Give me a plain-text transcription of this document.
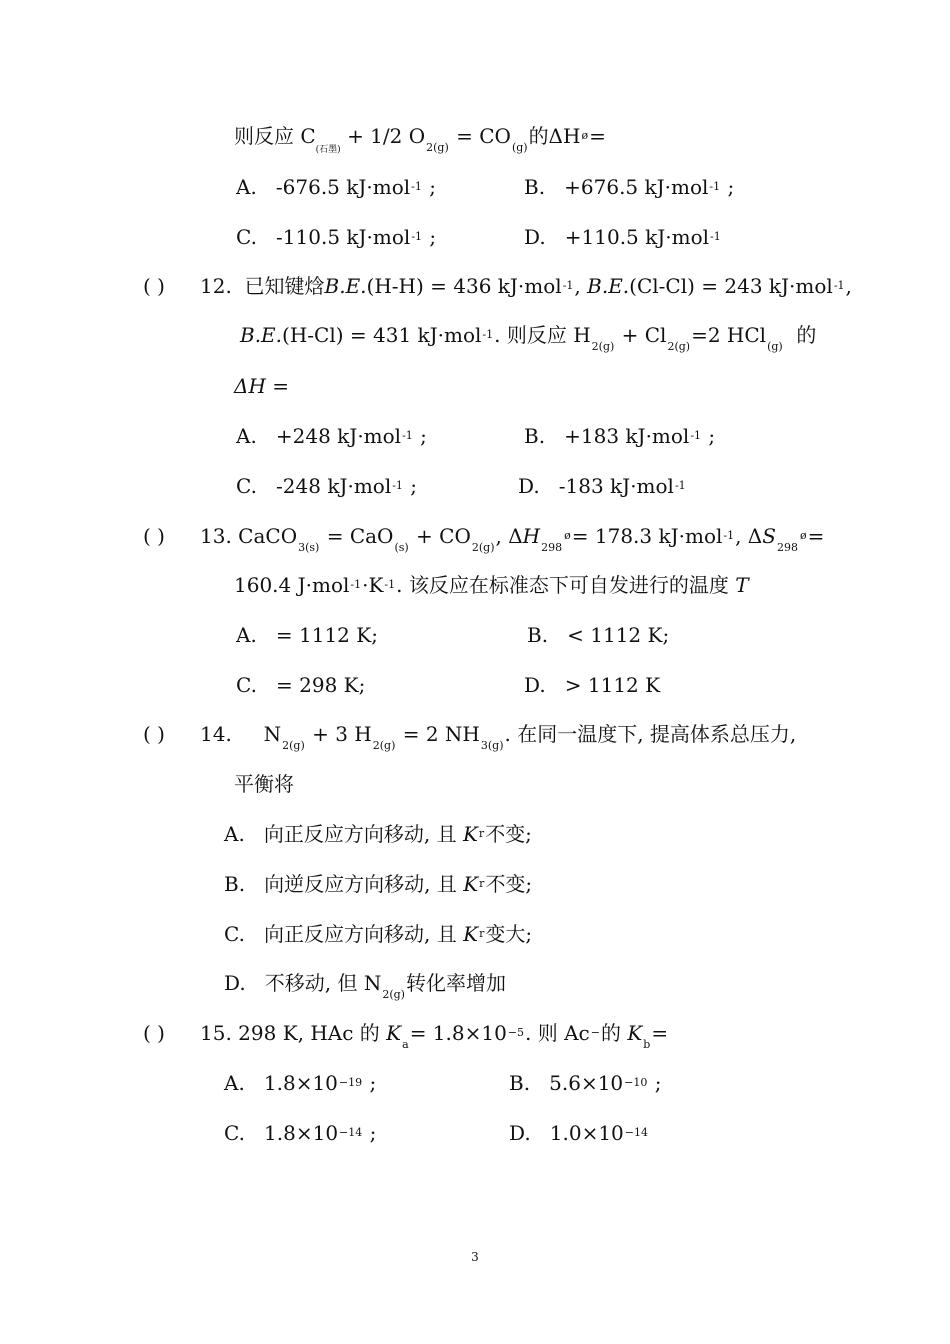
则反应 $C_{(石墨)} + 1/2$ $O_{2(g)} = CO_{(g)}$的$\Delta H^ø=$
A. -676.5 kJ·mol$^{-1}$ ;	B. +676.5 kJ·mol$^{-1}$ ;
C. -110.5 kJ·mol$^{-1}$ ;	D. +110.5 kJ·mol$^{-1}$
( ) 12. 已知键焓B.E.(H-H) = 436 kJ·mol$^{-1}$, B.E.(Cl-Cl) = 243 kJ·mol$^{-1}$,
B.E.(H-Cl) = 431 kJ·mol$^{-1}$. 则反应 $H_{2(g)} + Cl_{2(g)}=2$ HCl$_{(g)}$ 的
ΔH =
A. +248 kJ·mol$^{-1}$ ;	B. +183 kJ·mol$^{-1}$ ;
C. -248 kJ·mol$^{-1}$ ;	D. -183 kJ·mol$^{-1}$
( ) 13. CaCO$_{3(s)}$ = $CaO_{(s)} + CO_{2(g)}$, $\Delta H_{298}^ø= 178.3$ kJ·mol$^{-1}$, $\Delta S_{298}^ø=$
160.4 $J\cdot mol^{-1}\cdot K^{-1}$. 该反应在标准态下可自发进行的温度 T
A. = 1112 K;	B. < 1112 K;
C. = 298 K;	D. > 1112 K
( ) 14. $N_{2(g)} + 3$ $H_{2(g)} = 2$ $NH_{3(g)}$. 在同一温度下, 提高体系总压力,
平衡将
A. 向正反应方向移动, 且 $K^r$不变;
B. 向逆反应方向移动, 且 $K^r$不变;
C. 向正反应方向移动, 且 $K^r$变大;
D. 不移动, 但 $N_{2(g)}$转化率增加
( ) 15. 298 K, HAc 的 $K_a= 1.8\times 10^{-5}$. 则 Ac−的 $K_b=$
A. $1.8\times 10^{-19}$ ;	B. $5.6\times 10^{-10}$ ;
C. $1.8\times 10^{-14}$ ;	D. $1.0\times 10^{-14}$
3
